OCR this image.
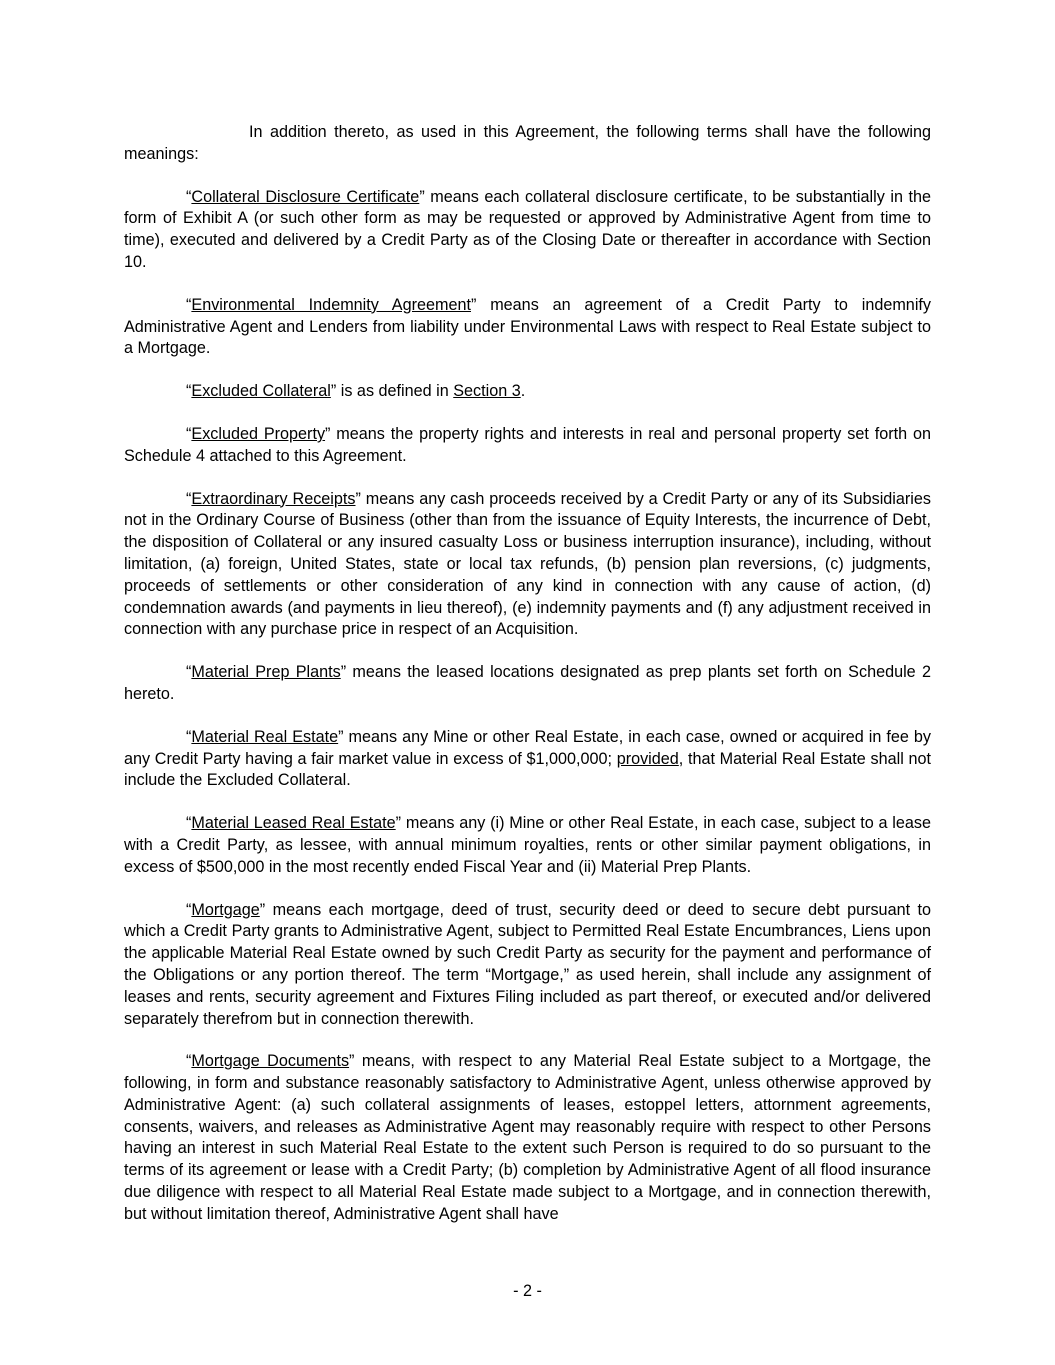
In addition thereto, as used in this Agreement, the following terms shall have the following meanings:

“Collateral Disclosure Certificate” means each collateral disclosure certificate, to be substantially in the form of Exhibit A (or such other form as may be requested or approved by Administrative Agent from time to time), executed and delivered by a Credit Party as of the Closing Date or thereafter in accordance with Section 10.

“Environmental Indemnity Agreement” means an agreement of a Credit Party to indemnify Administrative Agent and Lenders from liability under Environmental Laws with respect to Real Estate subject to a Mortgage.

“Excluded Collateral” is as defined in Section 3.

“Excluded Property” means the property rights and interests in real and personal property set forth on Schedule 4 attached to this Agreement.

“Extraordinary Receipts” means any cash proceeds received by a Credit Party or any of its Subsidiaries not in the Ordinary Course of Business (other than from the issuance of Equity Interests, the incurrence of Debt, the disposition of Collateral or any insured casualty Loss or business interruption insurance), including, without limitation, (a) foreign, United States, state or local tax refunds, (b) pension plan reversions, (c) judgments, proceeds of settlements or other consideration of any kind in connection with any cause of action, (d) condemnation awards (and payments in lieu thereof), (e) indemnity payments and (f) any adjustment received in connection with any purchase price in respect of an Acquisition.

“Material Prep Plants” means the leased locations designated as prep plants set forth on Schedule 2 hereto.

“Material Real Estate” means any Mine or other Real Estate, in each case, owned or acquired in fee by any Credit Party having a fair market value in excess of $1,000,000; provided, that Material Real Estate shall not include the Excluded Collateral.

“Material Leased Real Estate” means any (i) Mine or other Real Estate, in each case, subject to a lease with a Credit Party, as lessee, with annual minimum royalties, rents or other similar payment obligations, in excess of $500,000 in the most recently ended Fiscal Year and (ii) Material Prep Plants.

“Mortgage” means each mortgage, deed of trust, security deed or deed to secure debt pursuant to which a Credit Party grants to Administrative Agent, subject to Permitted Real Estate Encumbrances, Liens upon the applicable Material Real Estate owned by such Credit Party as security for the payment and performance of the Obligations or any portion thereof. The term “Mortgage,” as used herein, shall include any assignment of leases and rents, security agreement and Fixtures Filing included as part thereof, or executed and/or delivered separately therefrom but in connection therewith.

“Mortgage Documents” means, with respect to any Material Real Estate subject to a Mortgage, the following, in form and substance reasonably satisfactory to Administrative Agent, unless otherwise approved by Administrative Agent: (a) such collateral assignments of leases, estoppel letters, attornment agreements, consents, waivers, and releases as Administrative Agent may reasonably require with respect to other Persons having an interest in such Material Real Estate to the extent such Person is required to do so pursuant to the terms of its agreement or lease with a Credit Party; (b) completion by Administrative Agent of all flood insurance due diligence with respect to all Material Real Estate made subject to a Mortgage, and in connection therewith, but without limitation thereof, Administrative Agent shall have

- 2 -
